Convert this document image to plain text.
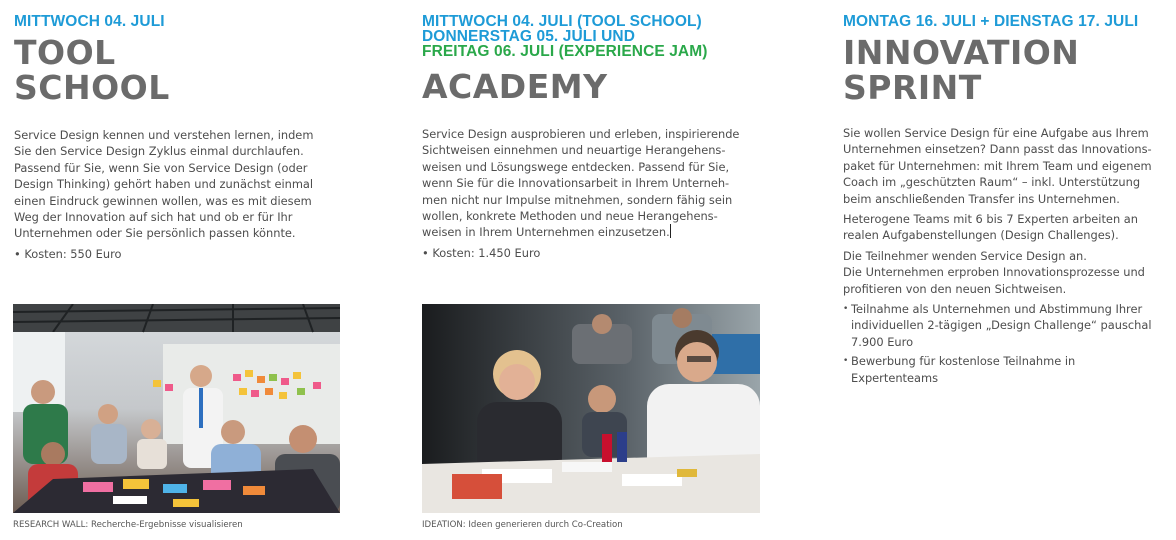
MITTWOCH 04. JULI

TOOL
SCHOOL

Service Design kennen und verstehen lernen, indem Sie den Service Design Zyklus einmal durchlaufen. Passend für Sie, wenn Sie von Service Design (oder Design Thinking) gehört haben und zunächst einmal einen Eindruck gewinnen wollen, was es mit diesem Weg der Innovation auf sich hat und ob er für Ihr Unternehmen oder Sie persönlich passen könnte.

• Kosten: 550 Euro
RESEARCH WALL: Recherche-Ergebnisse visualisieren

MITTWOCH 04. JULI (TOOL SCHOOL)
DONNERSTAG 05. JULI UND
FREITAG 06. JULI (EXPERIENCE JAM)

ACADEMY

Service Design ausprobieren und erleben, inspirierende Sichtweisen einnehmen und neuartige Herangehens-weisen und Lösungswege entdecken. Passend für Sie, wenn Sie für die Innovationsarbeit in Ihrem Unterneh-men nicht nur Impulse mitnehmen, sondern fähig sein wollen, konkrete Methoden und neue Herangehens-weisen in Ihrem Unternehmen einzusetzen.

• Kosten: 1.450 Euro
IDEATION: Ideen generieren durch Co-Creation

MONTAG 16. JULI + DIENSTAG 17. JULI

INNOVATION
SPRINT

Sie wollen Service Design für eine Aufgabe aus Ihrem Unternehmen einsetzen? Dann passt das Innovations-paket für Unternehmen: mit Ihrem Team und eigenem Coach im „geschützten Raum“ – inkl. Unterstützung beim anschließenden Transfer ins Unternehmen.

Heterogene Teams mit 6 bis 7 Experten arbeiten an realen Aufgabenstellungen (Design Challenges).

Die Teilnehmer wenden Service Design an.

Die Unternehmen erproben Innovationsprozesse und profitieren von den neuen Sichtweisen.

• Teilnahme als Unternehmen und Abstimmung Ihrer individuellen 2-tägigen „Design Challenge“ pauschal 7.900 Euro
• Bewerbung für kostenlose Teilnahme in Expertenteams
